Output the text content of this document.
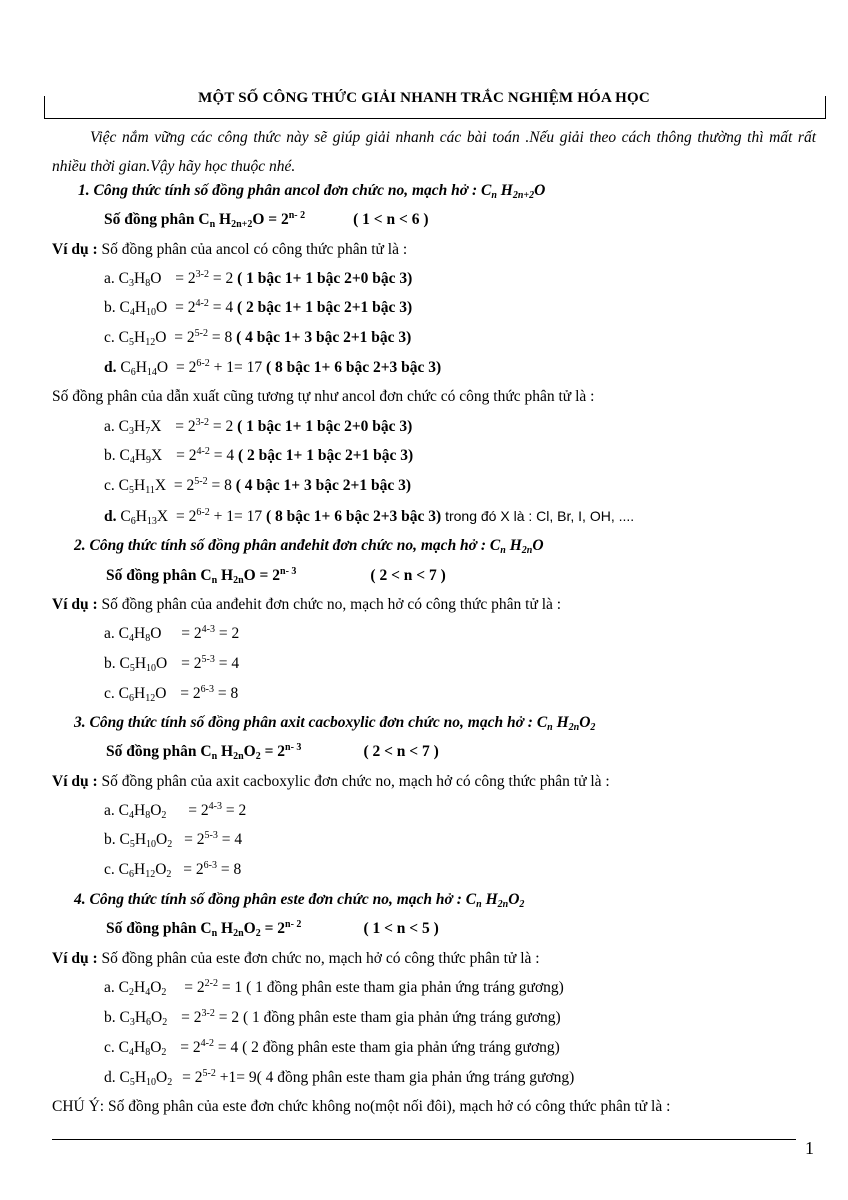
MỘT SỐ CÔNG THỨC GIẢI NHANH TRẮC NGHIỆM HÓA HỌC
Việc nắm vững các công thức này sẽ giúp giải nhanh các bài toán .Nếu giải theo cách thông thường thì mất rất nhiều thời gian.Vậy hãy học thuộc nhé.
1. Công thức tính số đồng phân ancol đơn chức no, mạch hở : $C_n$ $H_{2n+2}O$
Số đồng phân $C_n$ $H_{2n+2}O = 2^{n- 2}$	( 1 < n < 6 )
Ví dụ : Số đồng phân của ancol có công thức phân tử là :
a. $C_3H_8O = 2^{3-2} = 2$ ( 1 bậc 1+ 1 bậc 2+0 bậc 3)
b. $C_4H_{10}O = 2^{4-2} = 4$ ( 2 bậc 1+ 1 bậc 2+1 bậc 3)
c. $C_5H_{12}O = 2^{5-2} = 8$ ( 4 bậc 1+ 3 bậc 2+1 bậc 3)
d. $C_6H_{14}O = 2^{6-2} + 1= 17$ ( 8 bậc 1+ 6 bậc 2+3 bậc 3)
Số đồng phân của dẫn xuất cũng tương tự như ancol đơn chức có công thức phân tử là :
a. $C_3H_7X = 2^{3-2} = 2$ ( 1 bậc 1+ 1 bậc 2+0 bậc 3)
b. $C_4H_9X = 2^{4-2} = 4$ ( 2 bậc 1+ 1 bậc 2+1 bậc 3)
c. $C_5H_{11}X = 2^{5-2} = 8$ ( 4 bậc 1+ 3 bậc 2+1 bậc 3)
d. $C_6H_{13}X = 2^{6-2} + 1= 17$ ( 8 bậc 1+ 6 bậc 2+3 bậc 3) trong đó X là : Cl, Br, I, OH, ....
2. Công thức tính số đồng phân anđehit đơn chức no, mạch hở : $C_n$ $H_{2n}O$
Số đồng phân $C_n$ $H_{2n}O = 2^{n- 3}$	( 2 < n < 7 )
Ví dụ : Số đồng phân của anđehit đơn chức no, mạch hở có công thức phân tử là :
a. $C_4H_8O = 2^{4-3} = 2$
b. $C_5H_{10}O = 2^{5-3} = 4$
c. $C_6H_{12}O = 2^{6-3} = 8$
3. Công thức tính số đồng phân axit cacboxylic đơn chức no, mạch hở : $C_n$ $H_{2n}O_2$
Số đồng phân $C_n$ $H_{2n}O_2 = 2^{n- 3}$	( 2 < n < 7 )
Ví dụ : Số đồng phân của axit cacboxylic đơn chức no, mạch hở có công thức phân tử là :
a. $C_4H_8O_2 = 2^{4-3} = 2$
b. $C_5H_{10}O_2 = 2^{5-3} = 4$
c. $C_6H_{12}O_2 = 2^{6-3} = 8$
4. Công thức tính số đồng phân este đơn chức no, mạch hở : $C_n$ $H_{2n}O_2$
Số đồng phân $C_n$ $H_{2n}O_2 = 2^{n- 2}$	( 1 < n < 5 )
Ví dụ : Số đồng phân của este đơn chức no, mạch hở có công thức phân tử là :
a. $C_2H_4O_2 = 2^{2-2} = 1$ ( 1 đồng phân este tham gia phản ứng tráng gương)
b. $C_3H_6O_2 = 2^{3-2} = 2$ ( 1 đồng phân este tham gia phản ứng tráng gương)
c. $C_4H_8O_2 = 2^{4-2} = 4$ ( 2 đồng phân este tham gia phản ứng tráng gương)
d. $C_5H_{10}O_2 = 2^{5-2} +1= 9$( 4 đồng phân este tham gia phản ứng tráng gương)
CHÚ Ý: Số đồng phân của este đơn chức không no(một nối đôi), mạch hở có công thức phân tử là :
1
